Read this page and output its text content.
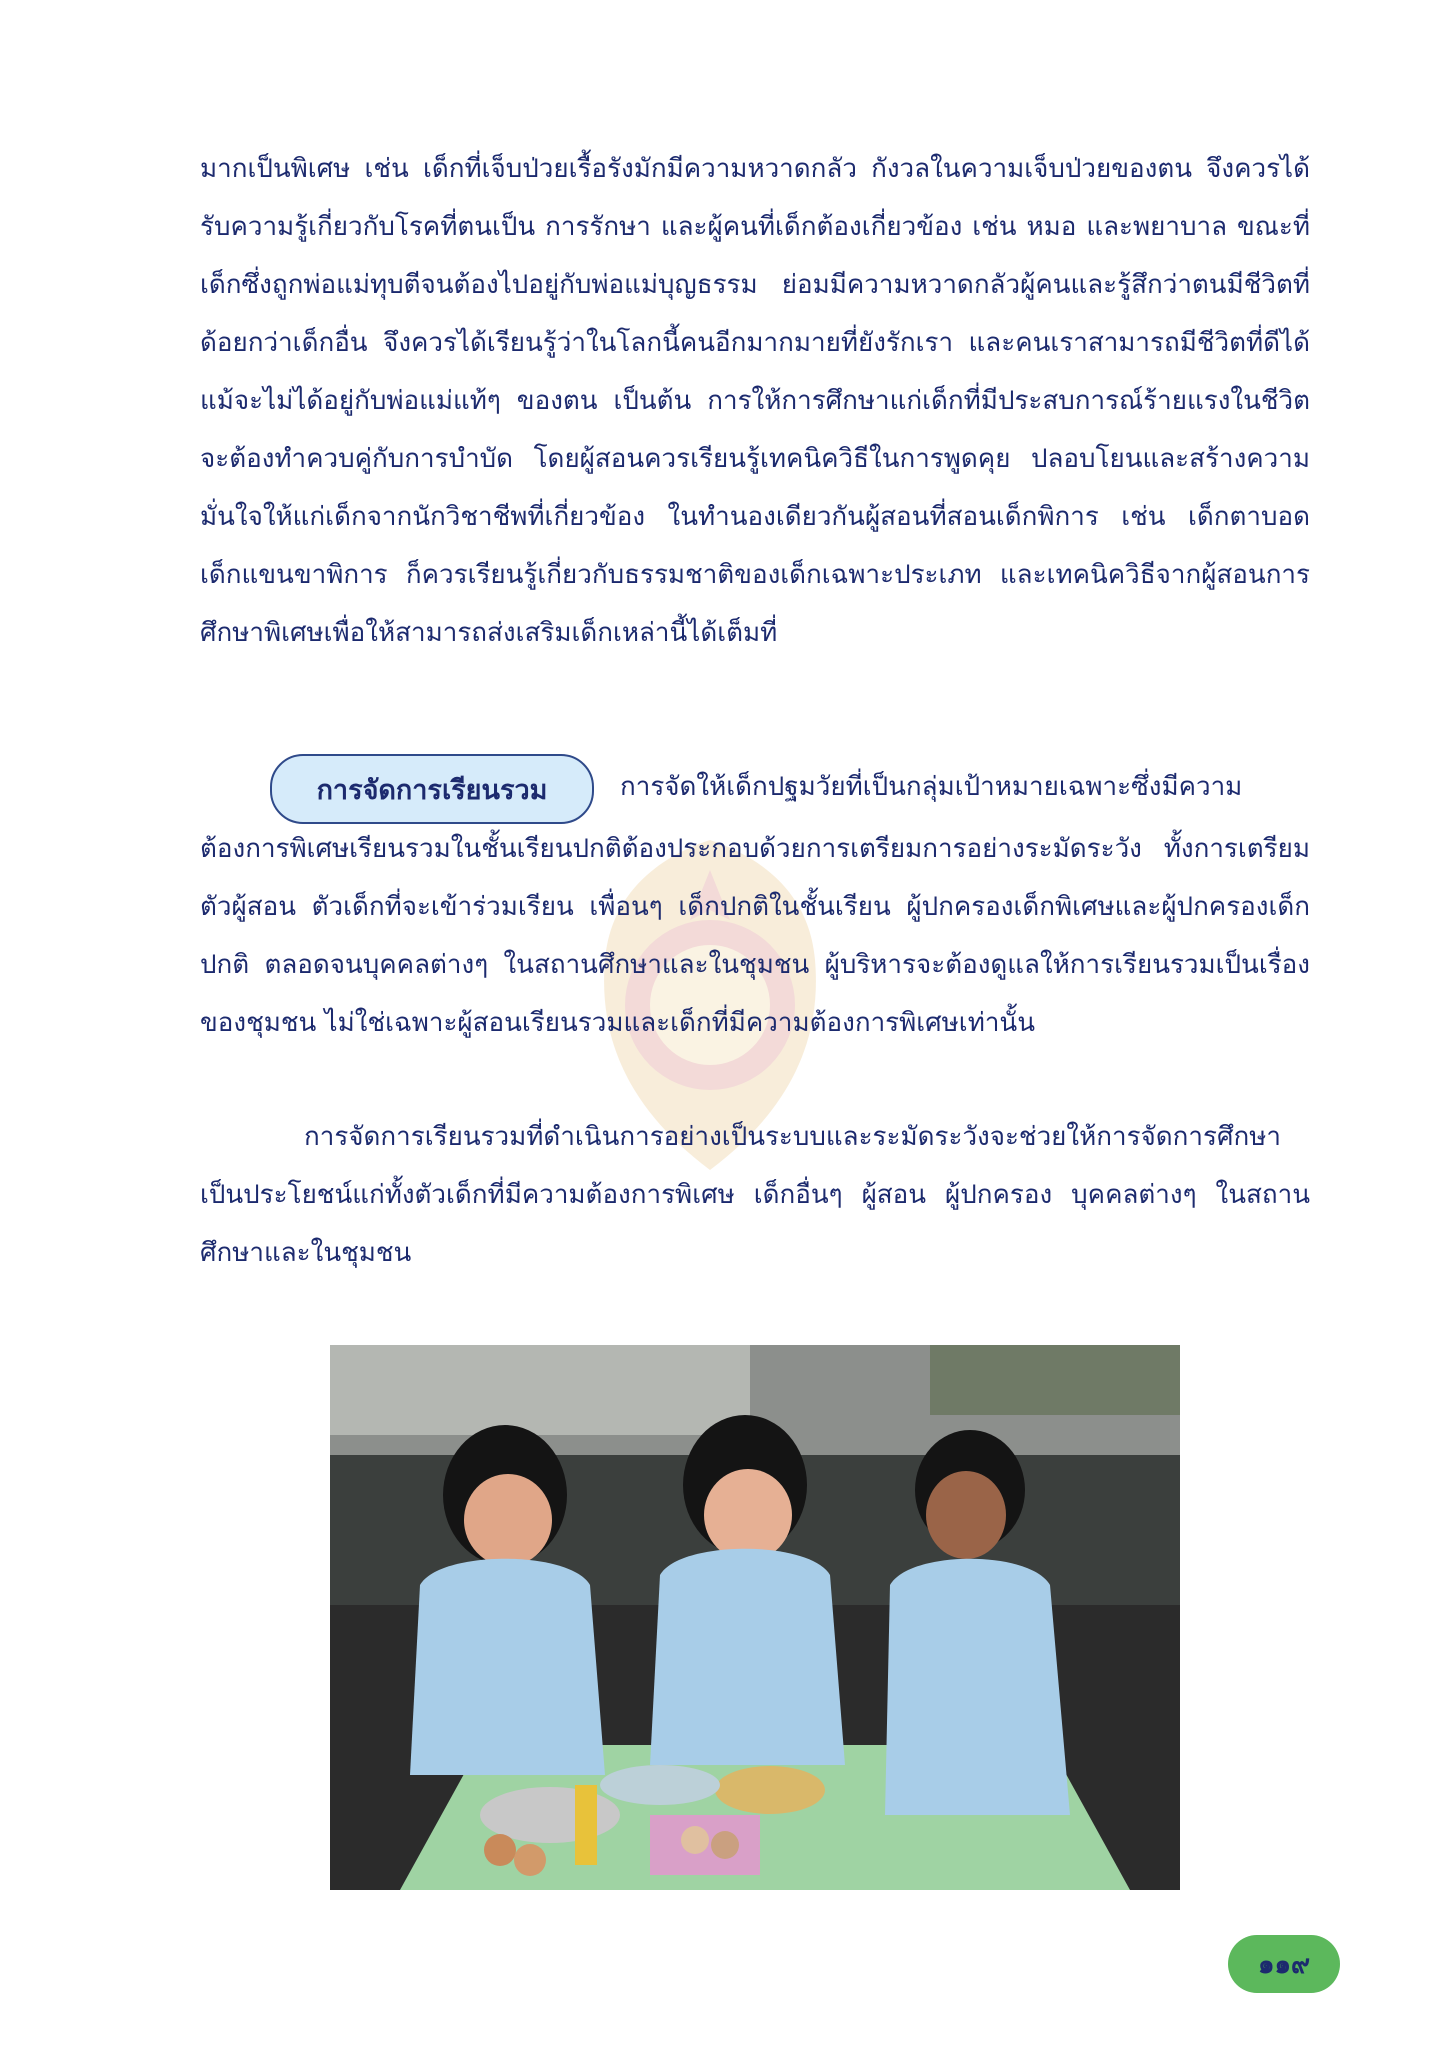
มากเป็นพิเศษ เช่น เด็กที่เจ็บป่วยเรื้อรังมักมีความหวาดกลัว กังวลในความเจ็บป่วยของตน จึงควรได้รับความรู้เกี่ยวกับโรคที่ตนเป็น การรักษา และผู้คนที่เด็กต้องเกี่ยวข้อง เช่น หมอ และพยาบาล ขณะที่เด็กซึ่งถูกพ่อแม่ทุบตีจนต้องไปอยู่กับพ่อแม่บุญธรรม ย่อมมีความหวาดกลัวผู้คนและรู้สึกว่าตนมีชีวิตที่ด้อยกว่าเด็กอื่น จึงควรได้เรียนรู้ว่าในโลกนี้คนอีกมากมายที่ยังรักเรา และคนเราสามารถมีชีวิตที่ดีได้แม้จะไม่ได้อยู่กับพ่อแม่แท้ๆ ของตน เป็นต้น การให้การศึกษาแก่เด็กที่มีประสบการณ์ร้ายแรงในชีวิตจะต้องทำควบคู่กับการบำบัด โดยผู้สอนควรเรียนรู้เทคนิควิธีในการพูดคุย ปลอบโยนและสร้างความมั่นใจให้แก่เด็กจากนักวิชาชีพที่เกี่ยวข้อง ในทำนองเดียวกันผู้สอนที่สอนเด็กพิการ เช่น เด็กตาบอด เด็กแขนขาพิการ ก็ควรเรียนรู้เกี่ยวกับธรรมชาติของเด็กเฉพาะประเภท และเทคนิควิธีจากผู้สอนการศึกษาพิเศษเพื่อให้สามารถส่งเสริมเด็กเหล่านี้ได้เต็มที่

การจัดการเรียนรวม	การจัดให้เด็กปฐมวัยที่เป็นกลุ่มเป้าหมายเฉพาะซึ่งมีความ

ต้องการพิเศษเรียนรวมในชั้นเรียนปกติต้องประกอบด้วยการเตรียมการอย่างระมัดระวัง ทั้งการเตรียมตัวผู้สอน ตัวเด็กที่จะเข้าร่วมเรียน เพื่อนๆ เด็กปกติในชั้นเรียน ผู้ปกครองเด็กพิเศษและผู้ปกครองเด็กปกติ ตลอดจนบุคคลต่างๆ ในสถานศึกษาและในชุมชน ผู้บริหารจะต้องดูแลให้การเรียนรวมเป็นเรื่องของชุมชน ไม่ใช่เฉพาะผู้สอนเรียนรวมและเด็กที่มีความต้องการพิเศษเท่านั้น

การจัดการเรียนรวมที่ดำเนินการอย่างเป็นระบบและระมัดระวังจะช่วยให้การจัดการศึกษาเป็นประโยชน์แก่ทั้งตัวเด็กที่มีความต้องการพิเศษ เด็กอื่นๆ ผู้สอน ผู้ปกครอง บุคคลต่างๆ ในสถานศึกษาและในชุมชน

๑๑๙
